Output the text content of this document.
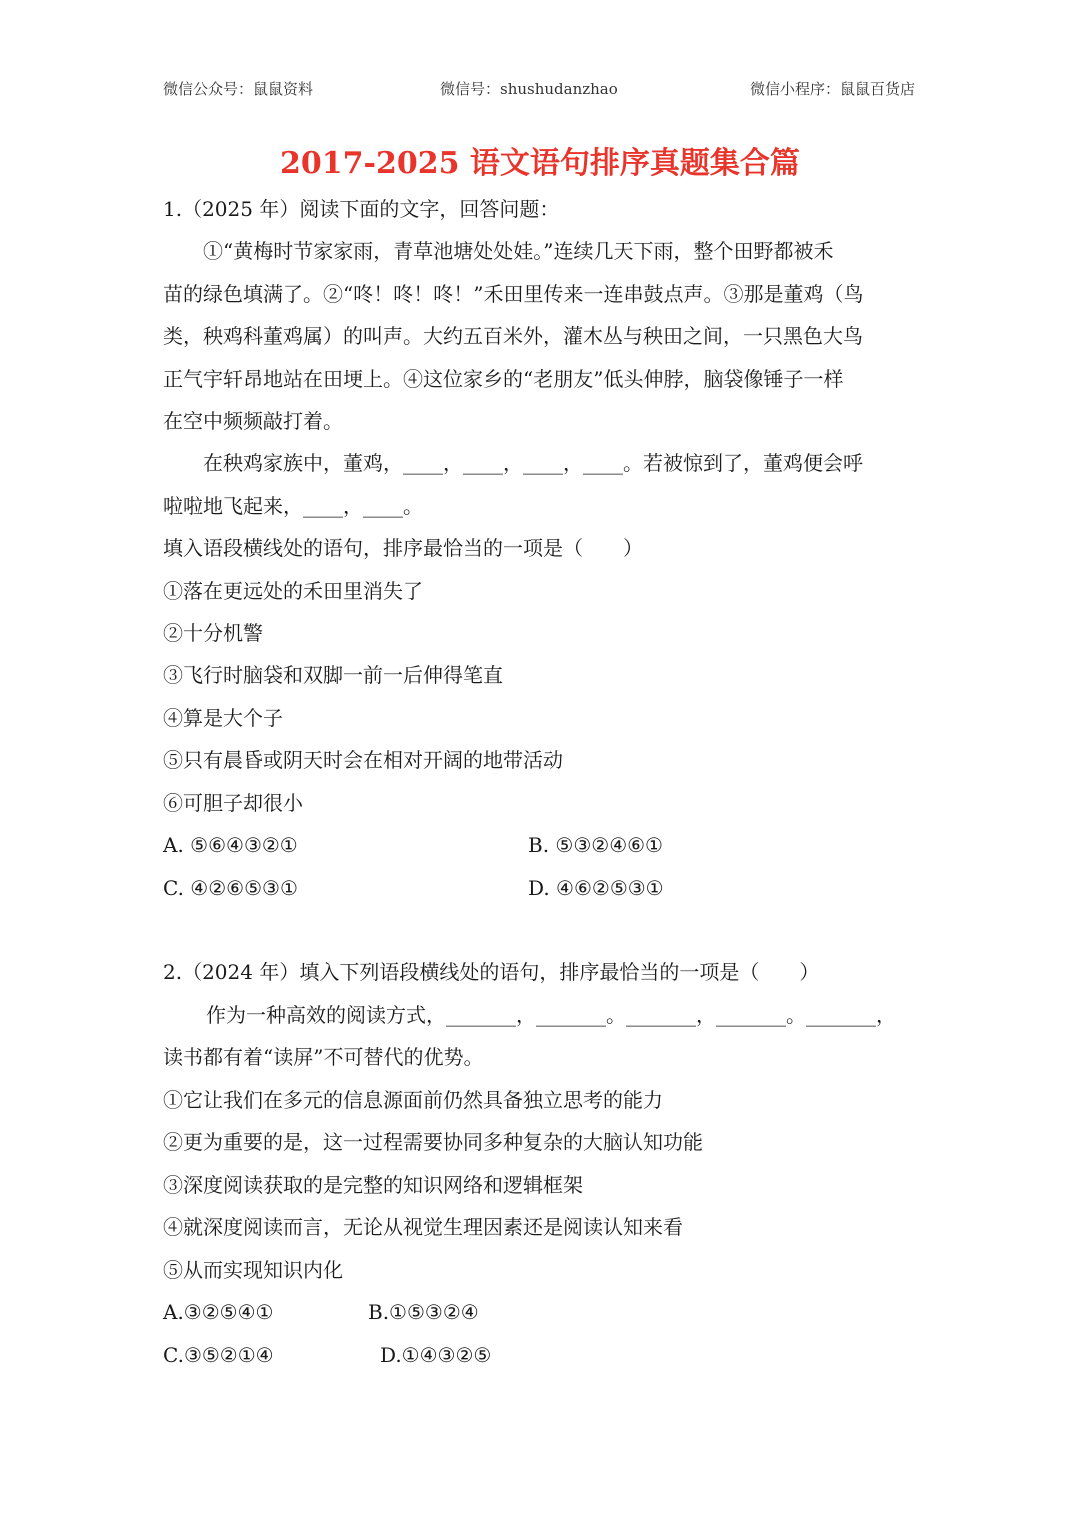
微信公众号：鼠鼠资料	微信号：shushudanzhao	微信小程序：鼠鼠百货店
2017-2025 语文语句排序真题集合篇
1.（2025 年）阅读下面的文字，回答问题：
①“黄梅时节家家雨，青草池塘处处娃。”连续几天下雨，整个田野都被禾
苗的绿色填满了。②“咚！咚！咚！”禾田里传来一连串鼓点声。③那是董鸡（鸟
类，秧鸡科董鸡属）的叫声。大约五百米外，灌木丛与秧田之间，一只黑色大鸟
正气宇轩昂地站在田埂上。④这位家乡的“老朋友”低头伸脖，脑袋像锤子一样
在空中频频敲打着。
在秧鸡家族中，董鸡，____，____，____，____。若被惊到了，董鸡便会呼
啦啦地飞起来，____，____。
填入语段横线处的语句，排序最恰当的一项是（　　）
①落在更远处的禾田里消失了
②十分机警
③飞行时脑袋和双脚一前一后伸得笔直
④算是大个子
⑤只有晨昏或阴天时会在相对开阔的地带活动
⑥可胆子却很小
A. ⑤⑥④③②①	B. ⑤③②④⑥①
C. ④②⑥⑤③①	D. ④⑥②⑤③①
2.（2024 年）填入下列语段横线处的语句，排序最恰当的一项是（　　）
作为一种高效的阅读方式，_______，_______。_______，_______。_______，
读书都有着“读屏”不可替代的优势。
①它让我们在多元的信息源面前仍然具备独立思考的能力
②更为重要的是，这一过程需要协同多种复杂的大脑认知功能
③深度阅读获取的是完整的知识网络和逻辑框架
④就深度阅读而言，无论从视觉生理因素还是阅读认知来看
⑤从而实现知识内化
A.③②⑤④①	B.①⑤③②④
C.③⑤②①④	D.①④③②⑤
